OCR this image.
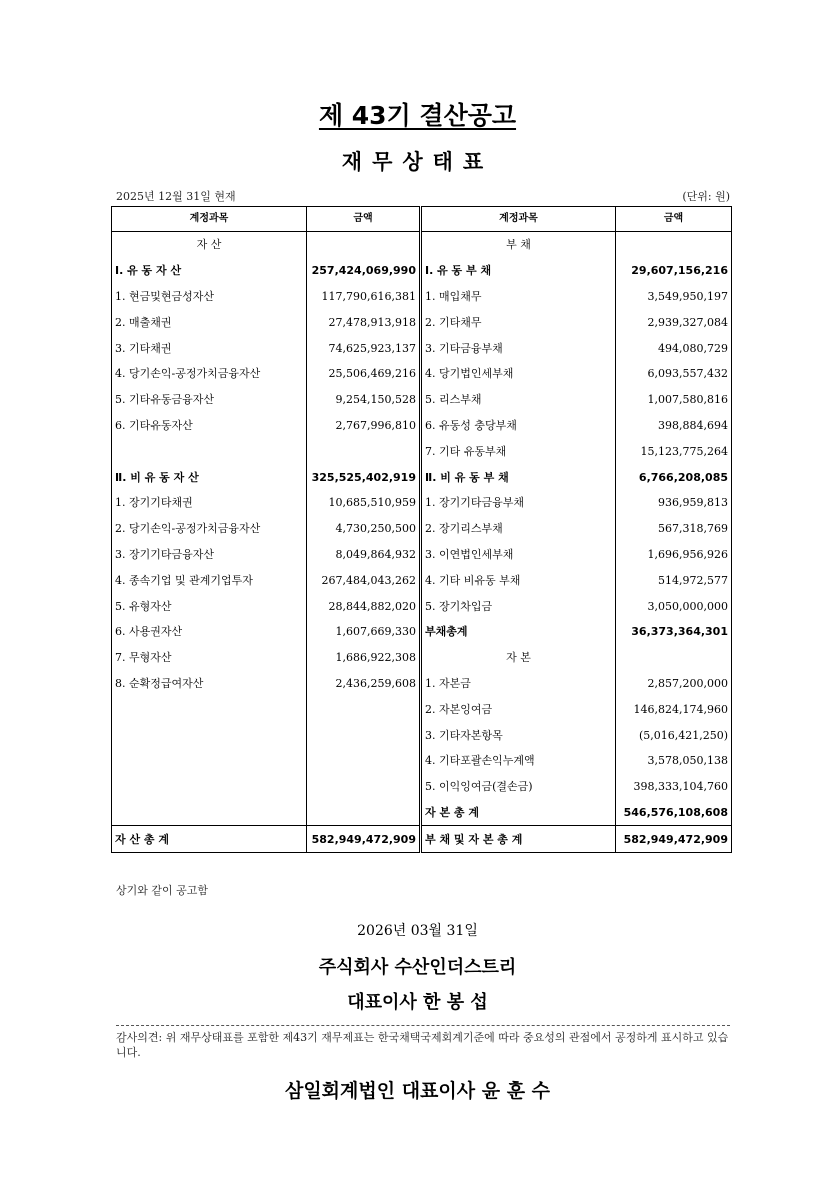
제 43기 결산공고
재무상태표
2025년 12월 31일 현재	(단위: 원)
계정과목	금액	계정과목	금액
자 산		부 채	
Ⅰ. 유 동 자 산	257,424,069,990	Ⅰ. 유 동 부 채	29,607,156,216
1. 현금및현금성자산	117,790,616,381	1. 매입채무	3,549,950,197
2. 매출채권	27,478,913,918	2. 기타채무	2,939,327,084
3. 기타채권	74,625,923,137	3. 기타금융부채	494,080,729
4. 당기손익-공정가치금융자산	25,506,469,216	4. 당기법인세부채	6,093,557,432
5. 기타유동금융자산	9,254,150,528	5. 리스부채	1,007,580,816
6. 기타유동자산	2,767,996,810	6. 유동성 충당부채	398,884,694
		7. 기타 유동부채	15,123,775,264
Ⅱ. 비 유 동 자 산	325,525,402,919	Ⅱ. 비 유 동 부 채	6,766,208,085
1. 장기기타채권	10,685,510,959	1. 장기기타금융부채	936,959,813
2. 당기손익-공정가치금융자산	4,730,250,500	2. 장기리스부채	567,318,769
3. 장기기타금융자산	8,049,864,932	3. 이연법인세부채	1,696,956,926
4. 종속기업 및 관계기업투자	267,484,043,262	4. 기타 비유동 부채	514,972,577
5. 유형자산	28,844,882,020	5. 장기차입금	3,050,000,000
6. 사용권자산	1,607,669,330	부채총계	36,373,364,301
7. 무형자산	1,686,922,308	자 본	
8. 순확정급여자산	2,436,259,608	1. 자본금	2,857,200,000
		2. 자본잉여금	146,824,174,960
		3. 기타자본항목	(5,016,421,250)
		4. 기타포괄손익누계액	3,578,050,138
		5. 이익잉여금(결손금)	398,333,104,760
		자 본 총 계	546,576,108,608
자 산 총 계	582,949,472,909	부 채 및 자 본 총 계	582,949,472,909
상기와 같이 공고함
2026년 03월 31일
주식회사 수산인더스트리
대표이사 한 봉 섭
감사의견: 위 재무상태표를 포함한 제43기 재무제표는 한국채택국제회계기준에 따라 중요성의 관점에서 공정하게 표시하고 있습니다.
삼일회계법인 대표이사 윤 훈 수
